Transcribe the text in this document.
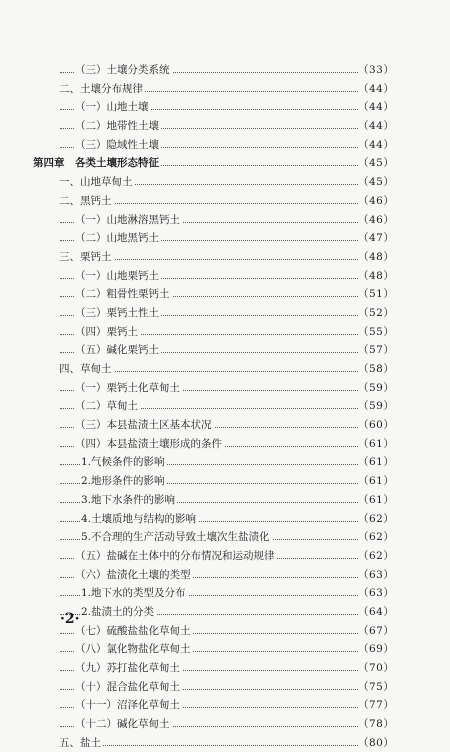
（三）土壤分类系统	（33）
二、土壤分布规律	（44）
（一）山地土壤	（44）
（二）地带性土壤	（44）
（三）隐域性土壤	（44）
第四章　各类土壤形态特征	（45）
一、山地草甸土	（45）
二、黑钙土	（46）
（一）山地淋溶黑钙土	（46）
（二）山地黑钙土	（47）
三、栗钙土	（48）
（一）山地栗钙土	（48）
（二）粗骨性栗钙土	（51）
（三）栗钙土性土	（52）
（四）栗钙土	（55）
（五）碱化栗钙土	（57）
四、草甸土	（58）
（一）栗钙土化草甸土	（59）
（二）草甸土	（59）
（三）本县盐渍土区基本状况	（60）
（四）本县盐渍土壤形成的条件	（61）
1.气候条件的影响	（61）
2.地形条件的影响	（61）
3.地下水条件的影响	（61）
4.土壤质地与结构的影响	（62）
5.不合理的生产活动导致土壤次生盐渍化	（62）
（五）盐碱在土体中的分布情况和运动规律	（62）
（六）盐渍化土壤的类型	（63）
1.地下水的类型及分布	（63）
2.盐渍土的分类	（64）
（七）硫酸盐盐化草甸土	（67）
（八）氯化物盐化草甸土	（69）
（九）苏打盐化草甸土	（70）
（十）混合盐化草甸土	（75）
（十一）沼泽化草甸土	（77）
（十二）碱化草甸土	（78）
五、盐土	（80）
·2·
